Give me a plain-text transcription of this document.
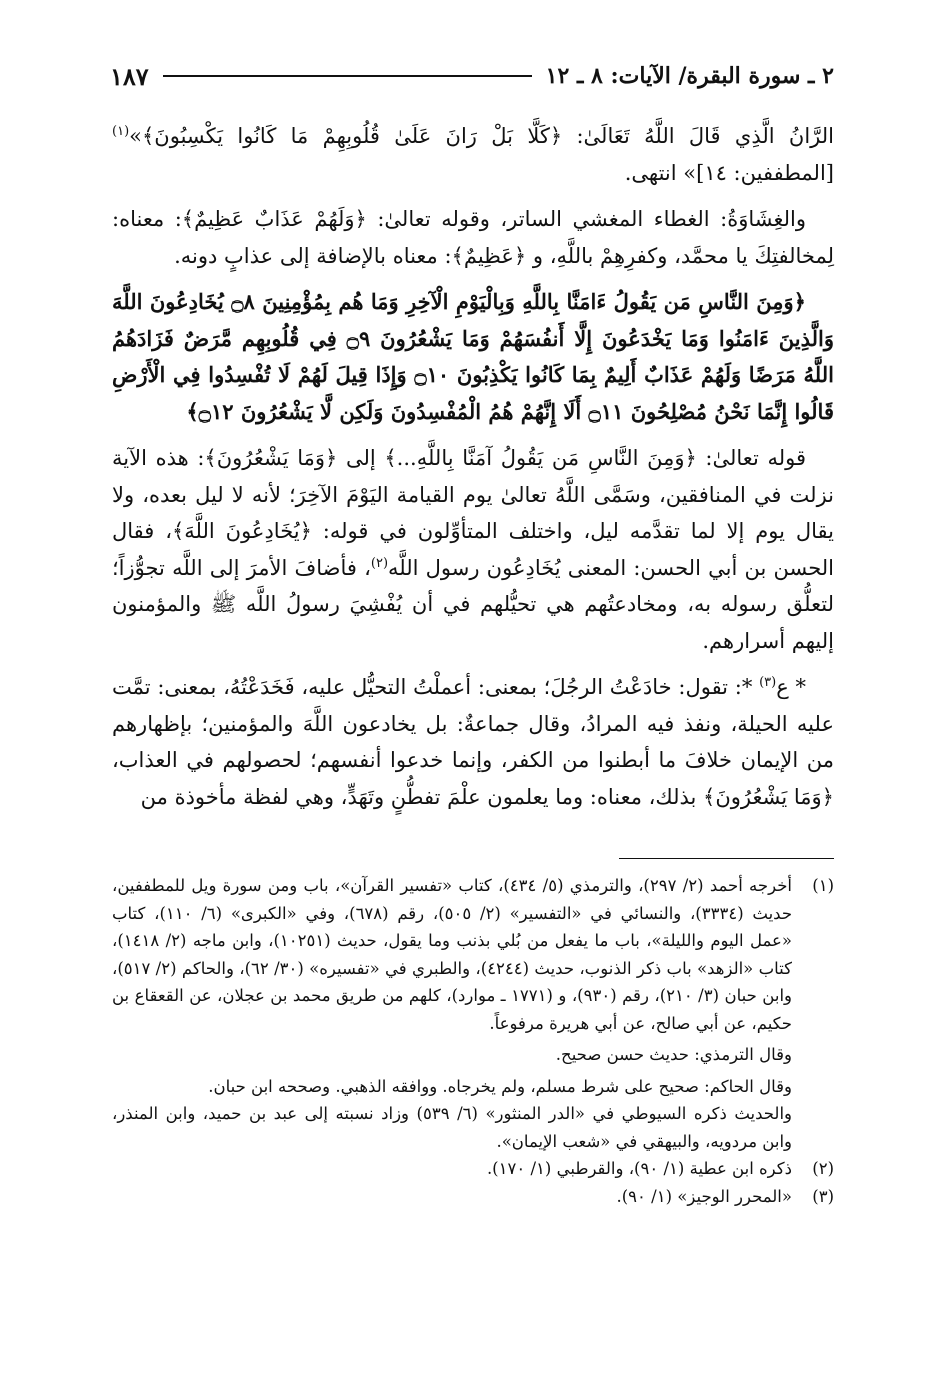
٢ ـ سورة البقرة/ الآيات: ٨ ـ ١٢
١٨٧

الرَّانُ الَّذِي قَالَ اللَّهُ تَعَالَىٰ: ﴿كَلَّا بَلْ رَانَ عَلَىٰ قُلُوبِهِمْ مَا كَانُوا يَكْسِبُونَ﴾»$^{(١)}$ [المطففين: ١٤]» انتهى.

والغِشَاوَةُ: الغطاء المغشي الساتر، وقوله تعالىٰ: ﴿وَلَهُمْ عَذَابٌ عَظِيمٌ﴾: معناه: لِمخالفتِكَ يا محمَّد، وكفرِهِمْ باللَّهِ، و ﴿عَظِيمٌ﴾: معناه بالإضافة إلى عذابٍ دونه.

﴿وَمِنَ النَّاسِ مَن يَقُولُ ءَامَنَّا بِاللَّهِ وَبِالْيَوْمِ الْآخِرِ وَمَا هُم بِمُؤْمِنِينَ ۝٨ يُخَادِعُونَ اللَّهَ وَالَّذِينَ ءَامَنُوا وَمَا يَخْدَعُونَ إِلَّا أَنفُسَهُمْ وَمَا يَشْعُرُونَ ۝٩ فِي قُلُوبِهِم مَّرَضٌ فَزَادَهُمُ اللَّهُ مَرَضًا وَلَهُمْ عَذَابٌ أَلِيمٌ بِمَا كَانُوا يَكْذِبُونَ ۝١٠ وَإِذَا قِيلَ لَهُمْ لَا تُفْسِدُوا فِي الْأَرْضِ قَالُوا إِنَّمَا نَحْنُ مُصْلِحُونَ ۝١١ أَلَا إِنَّهُمْ هُمُ الْمُفْسِدُونَ وَلَكِن لَّا يَشْعُرُونَ ۝١٢﴾

قوله تعالىٰ: ﴿وَمِنَ النَّاسِ مَن يَقُولُ آمَنَّا بِاللَّهِ...﴾ إلى ﴿وَمَا يَشْعُرُونَ﴾: هذه الآية نزلت في المنافقين، وسَمَّى اللَّهُ تعالىٰ يوم القيامة اليَوْمَ الآخِرَ؛ لأنه لا ليل بعده، ولا يقال يوم إلا لما تقدَّمه ليل، واختلف المتأوِّلون في قوله: ﴿يُخَادِعُونَ اللَّهَ﴾، فقال الحسن بن أبي الحسن: المعنى يُخَادِعُون رسول اللَّه$^{(٢)}$، فأضافَ الأمرَ إلى اللَّه تجوُّزاً؛ لتعلُّق رسوله به، ومخادعتُهم هي تحيُّلهم في أن يُفْشِيَ رسولُ اللَّه ﷺ والمؤمنون إليهم أسرارهم.

* ع$^{(٣)}$ *: تقول: خادَعْتُ الرجُلَ؛ بمعنى: أعملْتُ التحيُّل عليه، فَخَدَعْتُهُ، بمعنى: تمَّت عليه الحيلة، ونفذ فيه المرادُ، وقال جماعةٌ: بل يخادعون اللَّهَ والمؤمنين؛ بإظهارهم من الإيمان خلافَ ما أبطنوا من الكفر، وإنما خدعوا أنفسهم؛ لحصولهم في العذاب، ﴿وَمَا يَشْعُرُونَ﴾ بذلك، معناه: وما يعلمون علْمَ تفطُّنٍ وتَهَدٍّ، وهي لفظة مأخوذة من

(١)
أخرجه أحمد (٢/ ٢٩٧)، والترمذي (٥/ ٤٣٤)، كتاب «تفسير القرآن»، باب ومن سورة ويل للمطففين، حديث (٣٣٣٤)، والنسائي في «التفسير» (٢/ ٥٠٥)، رقم (٦٧٨)، وفي «الكبرى» (٦/ ١١٠)، كتاب «عمل اليوم والليلة»، باب ما يفعل من بُلي بذنب وما يقول، حديث (١٠٢٥١)، وابن ماجه (٢/ ١٤١٨)، كتاب «الزهد» باب ذكر الذنوب، حديث (٤٢٤٤)، والطبري في «تفسيره» (٣٠/ ٦٢)، والحاكم (٢/ ٥١٧)، وابن حبان (٣/ ٢١٠)، رقم (٩٣٠)، و (١٧٧١ ـ موارد)، كلهم من طريق محمد بن عجلان، عن القعقاع بن حكيم، عن أبي صالح، عن أبي هريرة مرفوعاً.

وقال الترمذي: حديث حسن صحيح.

وقال الحاكم: صحيح على شرط مسلم، ولم يخرجاه. ووافقه الذهبي. وصححه ابن حبان.

والحديث ذكره السيوطي في «الدر المنثور» (٦/ ٥٣٩) وزاد نسبته إلى عبد بن حميد، وابن المنذر، وابن مردويه، والبيهقي في «شعب الإيمان».

(٢)
ذكره ابن عطية (١/ ٩٠)، والقرطبي (١/ ١٧٠).
(٣)
«المحرر الوجيز» (١/ ٩٠).
